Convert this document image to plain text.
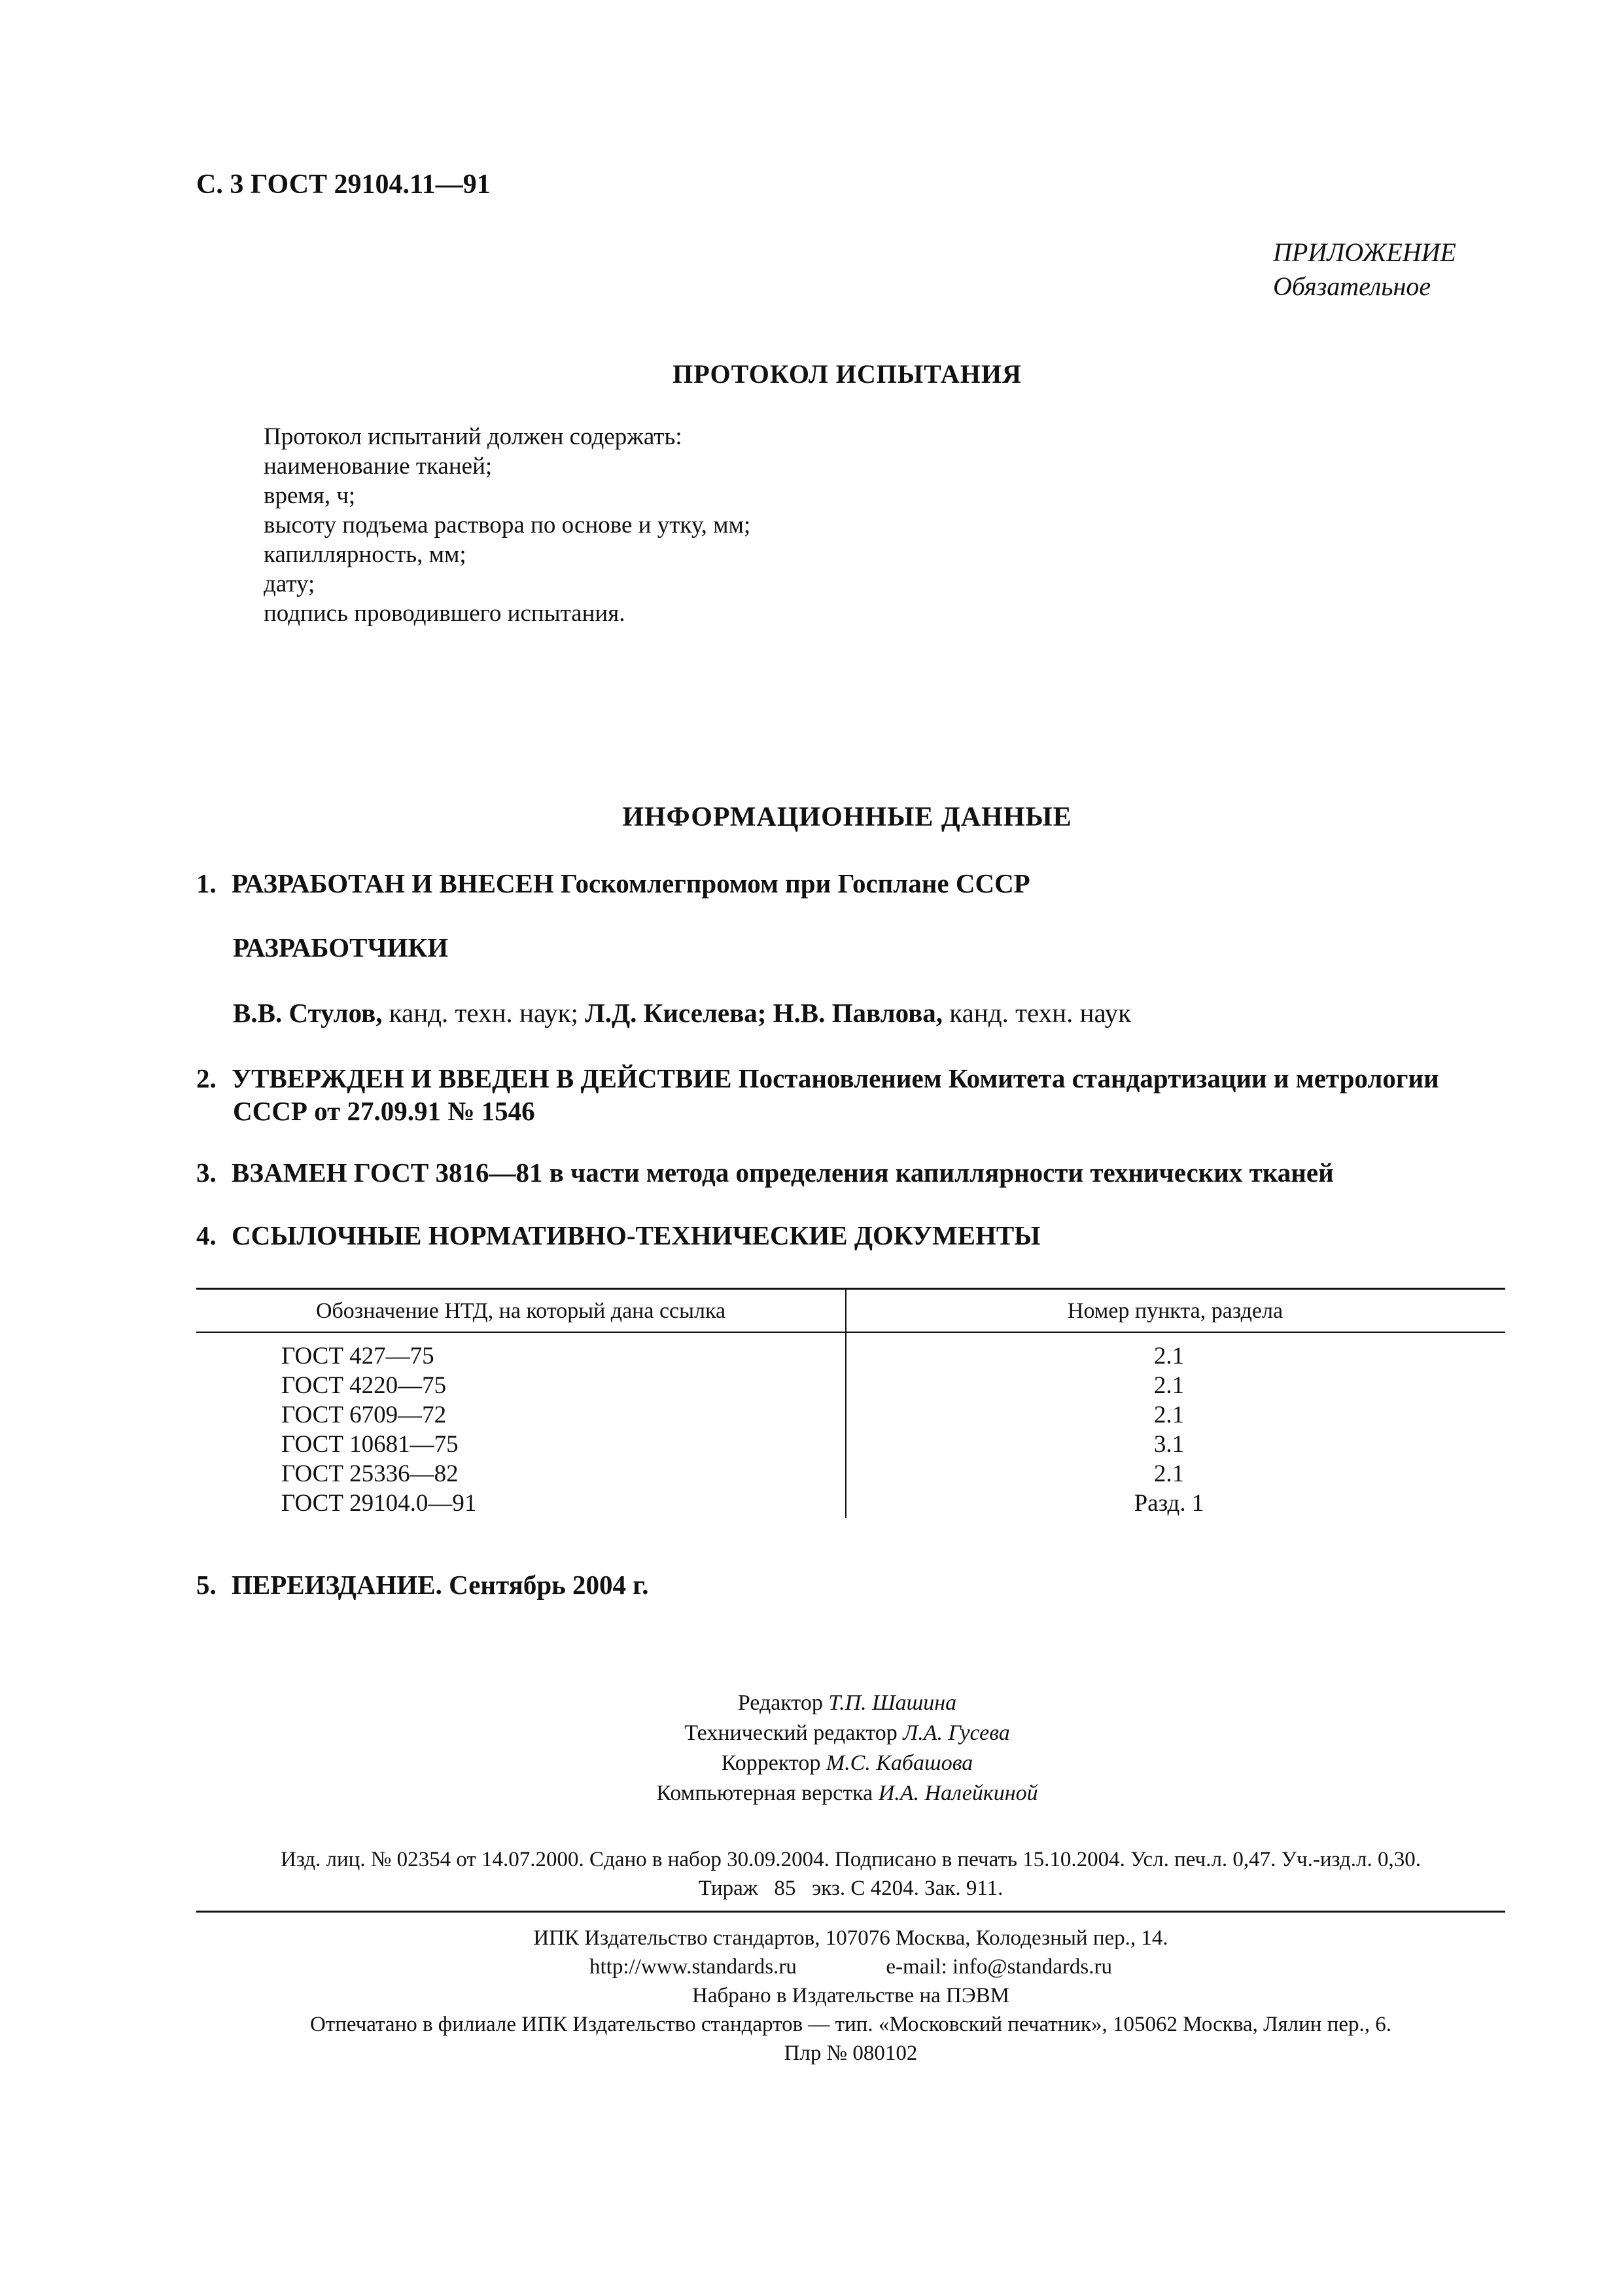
С. 3 ГОСТ 29104.11—91
ПРИЛОЖЕНИЕ
Обязательное
ПРОТОКОЛ ИСПЫТАНИЯ
Протокол испытаний должен содержать:
наименование тканей;
время, ч;
высоту подъема раствора по основе и утку, мм;
капиллярность, мм;
дату;
подпись проводившего испытания.
ИНФОРМАЦИОННЫЕ ДАННЫЕ
1. РАЗРАБОТАН И ВНЕСЕН Госкомлегпромом при Госплане СССР
РАЗРАБОТЧИКИ
В.В. Стулов, канд. техн. наук; Л.Д. Киселева; Н.В. Павлова, канд. техн. наук
2. УТВЕРЖДЕН И ВВЕДЕН В ДЕЙСТВИЕ Постановлением Комитета стандартизации и метрологии
СССР от 27.09.91 № 1546
3. ВЗАМЕН ГОСТ 3816—81 в части метода определения капиллярности технических тканей
4. ССЫЛОЧНЫЕ НОРМАТИВНО-ТЕХНИЧЕСКИЕ ДОКУМЕНТЫ
Обозначение НТД, на который дана ссылка	Номер пункта, раздела
ГОСТ 427—75
ГОСТ 4220—75
ГОСТ 6709—72
ГОСТ 10681—75
ГОСТ 25336—82
ГОСТ 29104.0—91
2.1
2.1
2.1
3.1
2.1
Разд. 1
5. ПЕРЕИЗДАНИЕ. Сентябрь 2004 г.
Редактор Т.П. Шашина
Технический редактор Л.А. Гусева
Корректор М.С. Кабашова
Компьютерная верстка И.А. Налейкиной
Изд. лиц. № 02354 от 14.07.2000. Сдано в набор 30.09.2004. Подписано в печать 15.10.2004. Усл. печ.л. 0,47. Уч.-изд.л. 0,30.
Тираж   85   экз. С 4204. Зак. 911.
ИПК Издательство стандартов, 107076 Москва, Колодезный пер., 14.
http://www.standards.ru	e-mail: info@standards.ru
Набрано в Издательстве на ПЭВМ
Отпечатано в филиале ИПК Издательство стандартов — тип. «Московский печатник», 105062 Москва, Лялин пер., 6.
Плр № 080102
